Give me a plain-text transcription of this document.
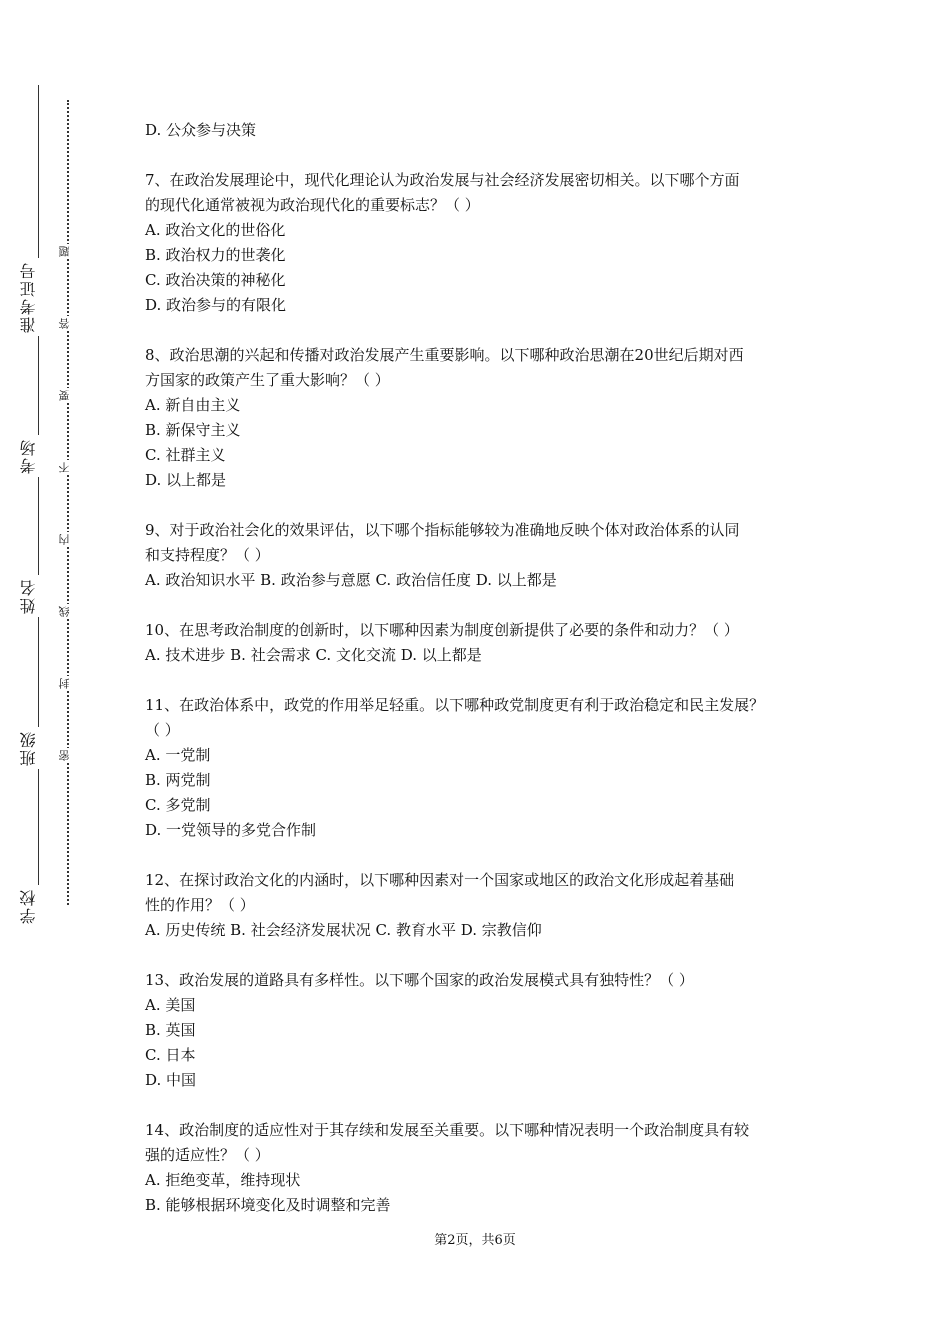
准考证号
考场
姓名
班级
学校
题
答
要
不
内
线
封
密
D. 公众参与决策
7、在政治发展理论中，现代化理论认为政治发展与社会经济发展密切相关。以下哪个方面
的现代化通常被视为政治现代化的重要标志？（ ）
A. 政治文化的世俗化
B. 政治权力的世袭化
C. 政治决策的神秘化
D. 政治参与的有限化
8、政治思潮的兴起和传播对政治发展产生重要影响。以下哪种政治思潮在20世纪后期对西
方国家的政策产生了重大影响？（ ）
A. 新自由主义
B. 新保守主义
C. 社群主义
D. 以上都是
9、对于政治社会化的效果评估，以下哪个指标能够较为准确地反映个体对政治体系的认同
和支持程度？（ ）
A. 政治知识水平 B. 政治参与意愿 C. 政治信任度 D. 以上都是
10、在思考政治制度的创新时，以下哪种因素为制度创新提供了必要的条件和动力？（ ）
A. 技术进步 B. 社会需求 C. 文化交流 D. 以上都是
11、在政治体系中，政党的作用举足轻重。以下哪种政党制度更有利于政治稳定和民主发展？
（ ）
A. 一党制
B. 两党制
C. 多党制
D. 一党领导的多党合作制
12、在探讨政治文化的内涵时，以下哪种因素对一个国家或地区的政治文化形成起着基础
性的作用？（ ）
A. 历史传统 B. 社会经济发展状况 C. 教育水平 D. 宗教信仰
13、政治发展的道路具有多样性。以下哪个国家的政治发展模式具有独特性？（ ）
A. 美国
B. 英国
C. 日本
D. 中国
14、政治制度的适应性对于其存续和发展至关重要。以下哪种情况表明一个政治制度具有较
强的适应性？（ ）
A. 拒绝变革，维持现状
B. 能够根据环境变化及时调整和完善
第2页，共6页
